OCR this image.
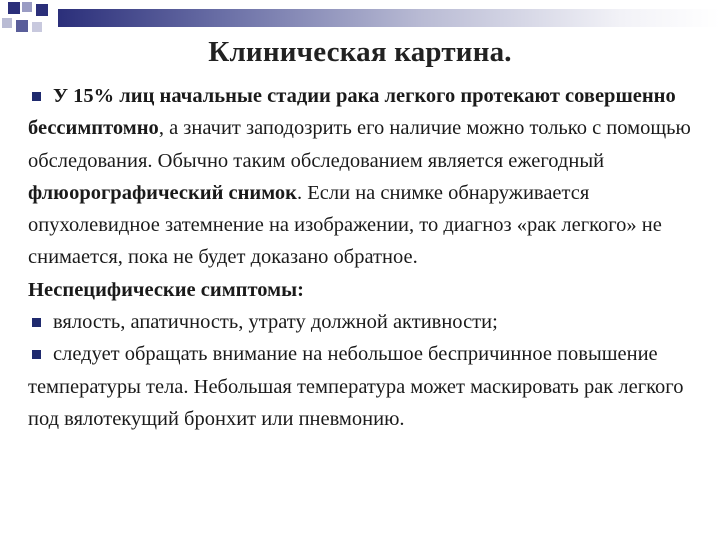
Клиническая картина.

У 15% лиц начальные стадии рака легкого протекают совершенно бессимптомно, а значит заподозрить его наличие можно только с помощью обследования. Обычно таким обследованием является ежегодный флюорографический снимок. Если на снимке обнаруживается опухолевидное затемнение на изображении, то диагноз «рак легкого» не снимается, пока не будет доказано обратное.

Неспецифические симптомы:

вялость, апатичность, утрату должной активности;

следует обращать внимание на небольшое беспричинное повышение температуры тела. Небольшая температура может маскировать рак легкого под вялотекущий бронхит или пневмонию.
